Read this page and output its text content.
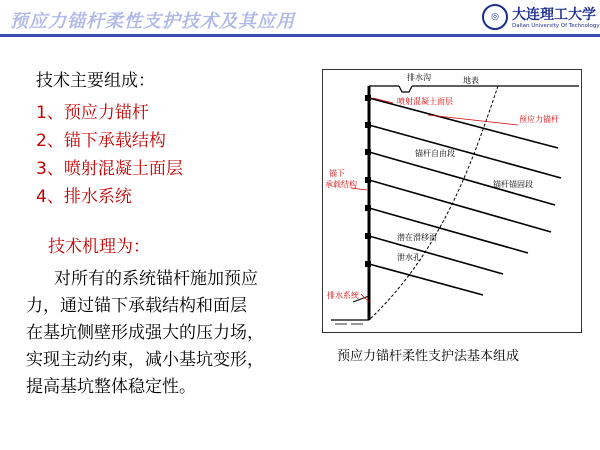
预应力锚杆柔性支护技术及其应用	◎ 大连理工大学
Dalian University Of Technology
技术主要组成：
1、预应力锚杆
2、锚下承载结构
3、喷射混凝土面层
4、排水系统
技术机理为：
对所有的系统锚杆施加预应
力，通过锚下承载结构和面层
在基坑侧壁形成强大的压力场，
实现主动约束，减小基坑变形，
提高基坑整体稳定性。
排水沟	地表
喷射混凝土面层
预应力锚杆
锚杆自由段
锚下
承载结构	锚杆锚固段
潜在滑移面
泄水孔
排水系统
预应力锚杆柔性支护法基本组成
